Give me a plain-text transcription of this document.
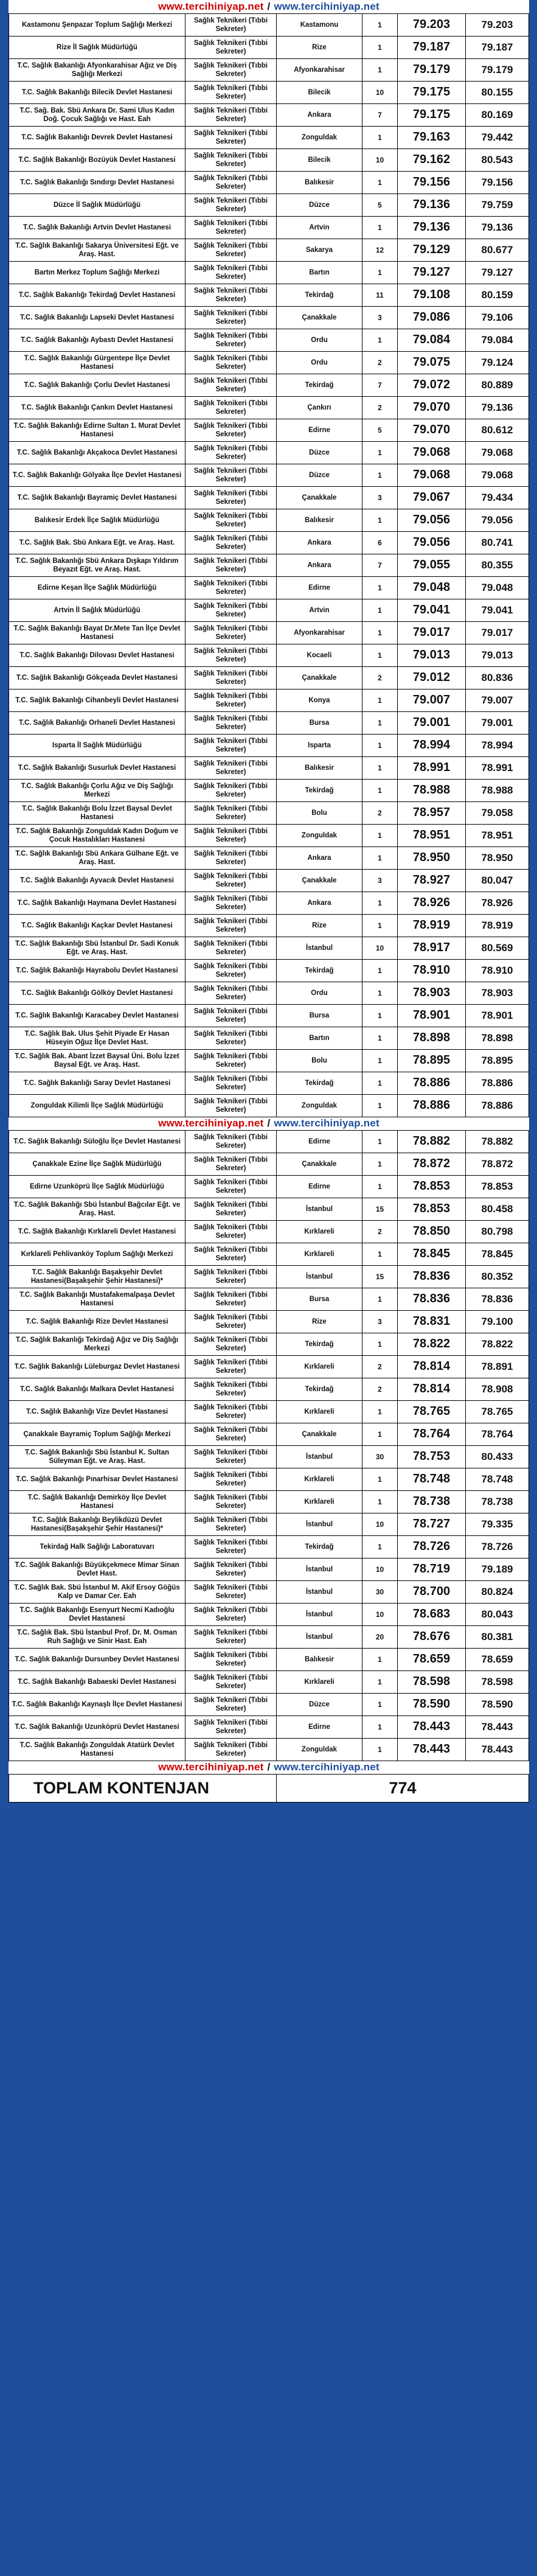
www.tercihiniyap.net / www.tercihiniyap.net					
Kastamonu Şenpazar Toplum Sağlığı Merkezi	Sağlık Teknikeri (Tıbbi Sekreter)	Kastamonu	1	79.203	79.203
Rize İl Sağlık Müdürlüğü	Sağlık Teknikeri (Tıbbi Sekreter)	Rize	1	79.187	79.187
T.C. Sağlık Bakanlığı Afyonkarahisar Ağız ve Diş Sağlığı Merkezi	Sağlık Teknikeri (Tıbbi Sekreter)	Afyonkarahisar	1	79.179	79.179
T.C. Sağlık Bakanlığı Bilecik Devlet Hastanesi	Sağlık Teknikeri (Tıbbi Sekreter)	Bilecik	10	79.175	80.155
T.C. Sağ. Bak. Sbü Ankara Dr. Sami Ulus Kadın Doğ. Çocuk Sağlığı ve Hast. Eah	Sağlık Teknikeri (Tıbbi Sekreter)	Ankara	7	79.175	80.169
T.C. Sağlık Bakanlığı Devrek Devlet Hastanesi	Sağlık Teknikeri (Tıbbi Sekreter)	Zonguldak	1	79.163	79.442
T.C. Sağlık Bakanlığı Bozüyük Devlet Hastanesi	Sağlık Teknikeri (Tıbbi Sekreter)	Bilecik	10	79.162	80.543
T.C. Sağlık Bakanlığı Sındırgı Devlet Hastanesi	Sağlık Teknikeri (Tıbbi Sekreter)	Balıkesir	1	79.156	79.156
Düzce İl Sağlık Müdürlüğü	Sağlık Teknikeri (Tıbbi Sekreter)	Düzce	5	79.136	79.759
T.C. Sağlık Bakanlığı Artvin Devlet Hastanesi	Sağlık Teknikeri (Tıbbi Sekreter)	Artvin	1	79.136	79.136
T.C. Sağlık Bakanlığı Sakarya Üniversitesi Eğt. ve Araş. Hast.	Sağlık Teknikeri (Tıbbi Sekreter)	Sakarya	12	79.129	80.677
Bartın Merkez Toplum Sağlığı Merkezi	Sağlık Teknikeri (Tıbbi Sekreter)	Bartın	1	79.127	79.127
T.C. Sağlık Bakanlığı Tekirdağ Devlet Hastanesi	Sağlık Teknikeri (Tıbbi Sekreter)	Tekirdağ	11	79.108	80.159
T.C. Sağlık Bakanlığı Lapseki Devlet Hastanesi	Sağlık Teknikeri (Tıbbi Sekreter)	Çanakkale	3	79.086	79.106
T.C. Sağlık Bakanlığı Aybastı Devlet Hastanesi	Sağlık Teknikeri (Tıbbi Sekreter)	Ordu	1	79.084	79.084
T.C. Sağlık Bakanlığı Gürgentepe İlçe Devlet Hastanesi	Sağlık Teknikeri (Tıbbi Sekreter)	Ordu	2	79.075	79.124
T.C. Sağlık Bakanlığı Çorlu Devlet Hastanesi	Sağlık Teknikeri (Tıbbi Sekreter)	Tekirdağ	7	79.072	80.889
T.C. Sağlık Bakanlığı Çankırı Devlet Hastanesi	Sağlık Teknikeri (Tıbbi Sekreter)	Çankırı	2	79.070	79.136
T.C. Sağlık Bakanlığı Edirne Sultan 1. Murat Devlet Hastanesi	Sağlık Teknikeri (Tıbbi Sekreter)	Edirne	5	79.070	80.612
T.C. Sağlık Bakanlığı Akçakoca Devlet Hastanesi	Sağlık Teknikeri (Tıbbi Sekreter)	Düzce	1	79.068	79.068
T.C. Sağlık Bakanlığı Gölyaka İlçe Devlet Hastanesi	Sağlık Teknikeri (Tıbbi Sekreter)	Düzce	1	79.068	79.068
T.C. Sağlık Bakanlığı Bayramiç Devlet Hastanesi	Sağlık Teknikeri (Tıbbi Sekreter)	Çanakkale	3	79.067	79.434
Balıkesir Erdek İlçe Sağlık Müdürlüğü	Sağlık Teknikeri (Tıbbi Sekreter)	Balıkesir	1	79.056	79.056
T.C. Sağlık Bak. Sbü Ankara Eğt. ve Araş. Hast.	Sağlık Teknikeri (Tıbbi Sekreter)	Ankara	6	79.056	80.741
T.C. Sağlık Bakanlığı Sbü Ankara Dışkapı Yıldırım Beyazıt Eğt. ve Araş. Hast.	Sağlık Teknikeri (Tıbbi Sekreter)	Ankara	7	79.055	80.355
Edirne Keşan İlçe Sağlık Müdürlüğü	Sağlık Teknikeri (Tıbbi Sekreter)	Edirne	1	79.048	79.048
Artvin İl Sağlık Müdürlüğü	Sağlık Teknikeri (Tıbbi Sekreter)	Artvin	1	79.041	79.041
T.C. Sağlık Bakanlığı Bayat Dr.Mete Tan İlçe Devlet Hastanesi	Sağlık Teknikeri (Tıbbi Sekreter)	Afyonkarahisar	1	79.017	79.017
T.C. Sağlık Bakanlığı Dilovası Devlet Hastanesi	Sağlık Teknikeri (Tıbbi Sekreter)	Kocaeli	1	79.013	79.013
T.C. Sağlık Bakanlığı Gökçeada Devlet Hastanesi	Sağlık Teknikeri (Tıbbi Sekreter)	Çanakkale	2	79.012	80.836
T.C. Sağlık Bakanlığı Cihanbeyli Devlet Hastanesi	Sağlık Teknikeri (Tıbbi Sekreter)	Konya	1	79.007	79.007
T.C. Sağlık Bakanlığı Orhaneli Devlet Hastanesi	Sağlık Teknikeri (Tıbbi Sekreter)	Bursa	1	79.001	79.001
Isparta İl Sağlık Müdürlüğü	Sağlık Teknikeri (Tıbbi Sekreter)	Isparta	1	78.994	78.994
T.C. Sağlık Bakanlığı Susurluk Devlet Hastanesi	Sağlık Teknikeri (Tıbbi Sekreter)	Balıkesir	1	78.991	78.991
T.C. Sağlık Bakanlığı Çorlu Ağız ve Diş Sağlığı Merkezi	Sağlık Teknikeri (Tıbbi Sekreter)	Tekirdağ	1	78.988	78.988
T.C. Sağlık Bakanlığı Bolu İzzet Baysal Devlet Hastanesi	Sağlık Teknikeri (Tıbbi Sekreter)	Bolu	2	78.957	79.058
T.C. Sağlık Bakanlığı Zonguldak Kadın Doğum ve Çocuk Hastalıkları Hastanesi	Sağlık Teknikeri (Tıbbi Sekreter)	Zonguldak	1	78.951	78.951
T.C. Sağlık Bakanlığı Sbü Ankara Gülhane Eğt. ve Araş. Hast.	Sağlık Teknikeri (Tıbbi Sekreter)	Ankara	1	78.950	78.950
T.C. Sağlık Bakanlığı Ayvacık Devlet Hastanesi	Sağlık Teknikeri (Tıbbi Sekreter)	Çanakkale	3	78.927	80.047
T.C. Sağlık Bakanlığı Haymana Devlet Hastanesi	Sağlık Teknikeri (Tıbbi Sekreter)	Ankara	1	78.926	78.926
T.C. Sağlık Bakanlığı Kaçkar Devlet Hastanesi	Sağlık Teknikeri (Tıbbi Sekreter)	Rize	1	78.919	78.919
T.C. Sağlık Bakanlığı Sbü İstanbul Dr. Sadi Konuk Eğt. ve Araş. Hast.	Sağlık Teknikeri (Tıbbi Sekreter)	İstanbul	10	78.917	80.569
T.C. Sağlık Bakanlığı Hayrabolu Devlet Hastanesi	Sağlık Teknikeri (Tıbbi Sekreter)	Tekirdağ	1	78.910	78.910
T.C. Sağlık Bakanlığı Gölköy Devlet Hastanesi	Sağlık Teknikeri (Tıbbi Sekreter)	Ordu	1	78.903	78.903
T.C. Sağlık Bakanlığı Karacabey Devlet Hastanesi	Sağlık Teknikeri (Tıbbi Sekreter)	Bursa	1	78.901	78.901
T.C. Sağlık Bak. Ulus Şehit Piyade Er Hasan Hüseyin Oğuz İlçe Devlet Hast.	Sağlık Teknikeri (Tıbbi Sekreter)	Bartın	1	78.898	78.898
T.C. Sağlık Bak. Abant İzzet Baysal Üni. Bolu İzzet Baysal Eğt. ve Araş. Hast.	Sağlık Teknikeri (Tıbbi Sekreter)	Bolu	1	78.895	78.895
T.C. Sağlık Bakanlığı Saray Devlet Hastanesi	Sağlık Teknikeri (Tıbbi Sekreter)	Tekirdağ	1	78.886	78.886
Zonguldak Kilimli İlçe Sağlık Müdürlüğü	Sağlık Teknikeri (Tıbbi Sekreter)	Zonguldak	1	78.886	78.886
www.tercihiniyap.net / www.tercihiniyap.net					
T.C. Sağlık Bakanlığı Süloğlu İlçe Devlet Hastanesi	Sağlık Teknikeri (Tıbbi Sekreter)	Edirne	1	78.882	78.882
Çanakkale Ezine İlçe Sağlık Müdürlüğü	Sağlık Teknikeri (Tıbbi Sekreter)	Çanakkale	1	78.872	78.872
Edirne Uzunköprü İlçe Sağlık Müdürlüğü	Sağlık Teknikeri (Tıbbi Sekreter)	Edirne	1	78.853	78.853
T.C. Sağlık Bakanlığı Sbü İstanbul Bağcılar Eğt. ve Araş. Hast.	Sağlık Teknikeri (Tıbbi Sekreter)	İstanbul	15	78.853	80.458
T.C. Sağlık Bakanlığı Kırklareli Devlet Hastanesi	Sağlık Teknikeri (Tıbbi Sekreter)	Kırklareli	2	78.850	80.798
Kırklareli Pehlivanköy Toplum Sağlığı Merkezi	Sağlık Teknikeri (Tıbbi Sekreter)	Kırklareli	1	78.845	78.845
T.C. Sağlık Bakanlığı Başakşehir Devlet Hastanesi(Başakşehir Şehir Hastanesi)*	Sağlık Teknikeri (Tıbbi Sekreter)	İstanbul	15	78.836	80.352
T.C. Sağlık Bakanlığı Mustafakemalpaşa Devlet Hastanesi	Sağlık Teknikeri (Tıbbi Sekreter)	Bursa	1	78.836	78.836
T.C. Sağlık Bakanlığı Rize Devlet Hastanesi	Sağlık Teknikeri (Tıbbi Sekreter)	Rize	3	78.831	79.100
T.C. Sağlık Bakanlığı Tekirdağ Ağız ve Diş Sağlığı Merkezi	Sağlık Teknikeri (Tıbbi Sekreter)	Tekirdağ	1	78.822	78.822
T.C. Sağlık Bakanlığı Lüleburgaz Devlet Hastanesi	Sağlık Teknikeri (Tıbbi Sekreter)	Kırklareli	2	78.814	78.891
T.C. Sağlık Bakanlığı Malkara Devlet Hastanesi	Sağlık Teknikeri (Tıbbi Sekreter)	Tekirdağ	2	78.814	78.908
T.C. Sağlık Bakanlığı Vize Devlet Hastanesi	Sağlık Teknikeri (Tıbbi Sekreter)	Kırklareli	1	78.765	78.765
Çanakkale Bayramiç Toplum Sağlığı Merkezi	Sağlık Teknikeri (Tıbbi Sekreter)	Çanakkale	1	78.764	78.764
T.C. Sağlık Bakanlığı Sbü İstanbul K. Sultan Süleyman Eğt. ve Araş. Hast.	Sağlık Teknikeri (Tıbbi Sekreter)	İstanbul	30	78.753	80.433
T.C. Sağlık Bakanlığı Pınarhisar Devlet Hastanesi	Sağlık Teknikeri (Tıbbi Sekreter)	Kırklareli	1	78.748	78.748
T.C. Sağlık Bakanlığı Demirköy İlçe Devlet Hastanesi	Sağlık Teknikeri (Tıbbi Sekreter)	Kırklareli	1	78.738	78.738
T.C. Sağlık Bakanlığı Beylikdüzü Devlet Hastanesi(Başakşehir Şehir Hastanesi)*	Sağlık Teknikeri (Tıbbi Sekreter)	İstanbul	10	78.727	79.335
Tekirdağ Halk Sağlığı Laboratuvarı	Sağlık Teknikeri (Tıbbi Sekreter)	Tekirdağ	1	78.726	78.726
T.C. Sağlık Bakanlığı Büyükçekmece Mimar Sinan Devlet Hast.	Sağlık Teknikeri (Tıbbi Sekreter)	İstanbul	10	78.719	79.189
T.C. Sağlık Bak. Sbü İstanbul M. Akif Ersoy Göğüs Kalp ve Damar Cer. Eah	Sağlık Teknikeri (Tıbbi Sekreter)	İstanbul	30	78.700	80.824
T.C. Sağlık Bakanlığı Esenyurt Necmi Kadıoğlu Devlet Hastanesi	Sağlık Teknikeri (Tıbbi Sekreter)	İstanbul	10	78.683	80.043
T.C. Sağlık Bak. Sbü İstanbul Prof. Dr. M. Osman Ruh Sağlığı ve Sinir Hast. Eah	Sağlık Teknikeri (Tıbbi Sekreter)	İstanbul	20	78.676	80.381
T.C. Sağlık Bakanlığı Dursunbey Devlet Hastanesi	Sağlık Teknikeri (Tıbbi Sekreter)	Balıkesir	1	78.659	78.659
T.C. Sağlık Bakanlığı Babaeski Devlet Hastanesi	Sağlık Teknikeri (Tıbbi Sekreter)	Kırklareli	1	78.598	78.598
T.C. Sağlık Bakanlığı Kaynaşlı İlçe Devlet Hastanesi	Sağlık Teknikeri (Tıbbi Sekreter)	Düzce	1	78.590	78.590
T.C. Sağlık Bakanlığı Uzunköprü Devlet Hastanesi	Sağlık Teknikeri (Tıbbi Sekreter)	Edirne	1	78.443	78.443
T.C. Sağlık Bakanlığı Zonguldak Atatürk Devlet Hastanesi	Sağlık Teknikeri (Tıbbi Sekreter)	Zonguldak	1	78.443	78.443
www.tercihiniyap.net / www.tercihiniyap.net					
TOPLAM KONTENJAN		774			
